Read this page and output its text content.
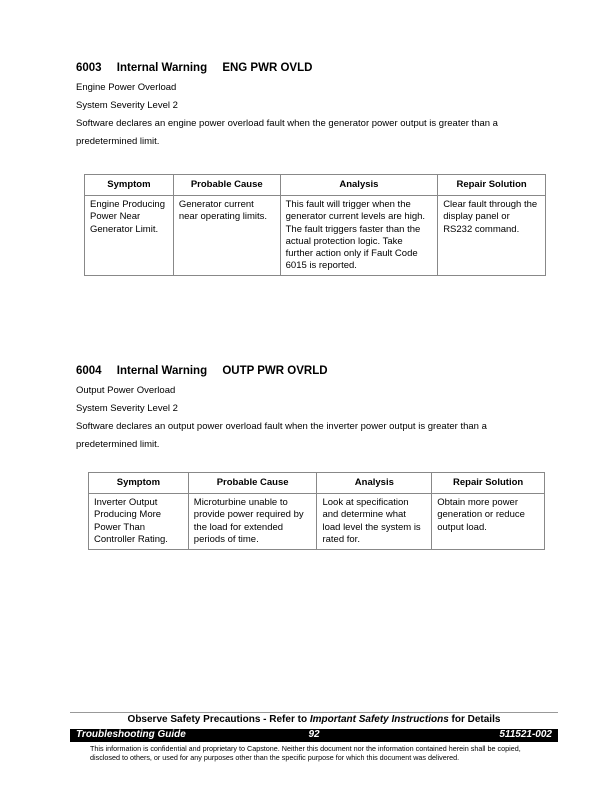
6003 Internal Warning ENG PWR OVLD

Engine Power Overload

System Severity Level 2

Software declares an engine power overload fault when the generator power output is greater than a

predetermined limit.

Symptom	Probable Cause	Analysis	Repair Solution
Engine Producing Power Near Generator Limit.	Generator current near operating limits.	This fault will trigger when the generator current levels are high. The fault triggers faster than the actual protection logic. Take further action only if Fault Code 6015 is reported.	Clear fault through the display panel or RS232 command.
6004 Internal Warning OUTP PWR OVRLD

Output Power Overload

System Severity Level 2

Software declares an output power overload fault when the inverter power output is greater than a

predetermined limit.

Symptom	Probable Cause	Analysis	Repair Solution
Inverter Output Producing More Power Than Controller Rating.	Microturbine unable to provide power required by the load for extended periods of time.	Look at specification and determine what load level the system is rated for.	Obtain more power generation or reduce output load.
Observe Safety Precautions - Refer to Important Safety Instructions for Details
Troubleshooting Guide	92	511521-002
This information is confidential and proprietary to Capstone. Neither this document nor the information contained herein shall be copied, disclosed to others, or used for any purposes other than the specific purpose for which this document was delivered.
